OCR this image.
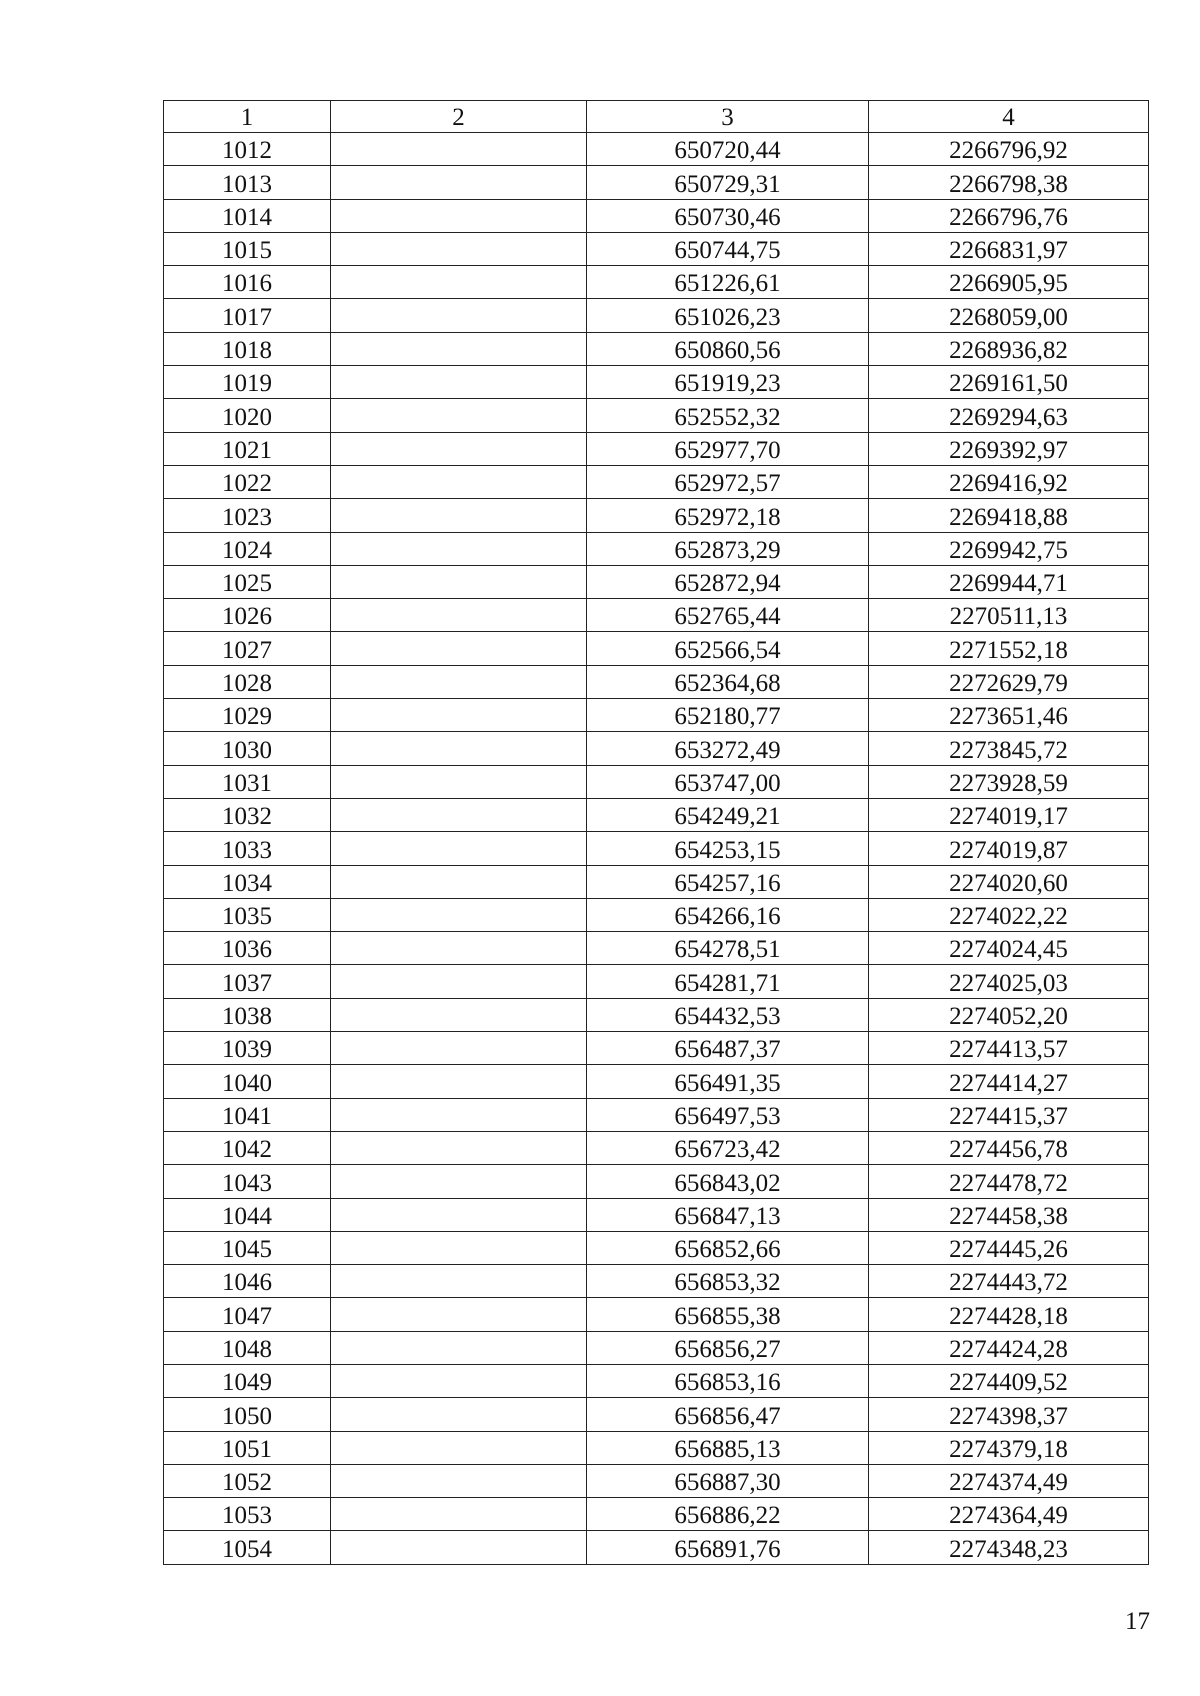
1	2	3	4
1012		650720,44	2266796,92
1013		650729,31	2266798,38
1014		650730,46	2266796,76
1015		650744,75	2266831,97
1016		651226,61	2266905,95
1017		651026,23	2268059,00
1018		650860,56	2268936,82
1019		651919,23	2269161,50
1020		652552,32	2269294,63
1021		652977,70	2269392,97
1022		652972,57	2269416,92
1023		652972,18	2269418,88
1024		652873,29	2269942,75
1025		652872,94	2269944,71
1026		652765,44	2270511,13
1027		652566,54	2271552,18
1028		652364,68	2272629,79
1029		652180,77	2273651,46
1030		653272,49	2273845,72
1031		653747,00	2273928,59
1032		654249,21	2274019,17
1033		654253,15	2274019,87
1034		654257,16	2274020,60
1035		654266,16	2274022,22
1036		654278,51	2274024,45
1037		654281,71	2274025,03
1038		654432,53	2274052,20
1039		656487,37	2274413,57
1040		656491,35	2274414,27
1041		656497,53	2274415,37
1042		656723,42	2274456,78
1043		656843,02	2274478,72
1044		656847,13	2274458,38
1045		656852,66	2274445,26
1046		656853,32	2274443,72
1047		656855,38	2274428,18
1048		656856,27	2274424,28
1049		656853,16	2274409,52
1050		656856,47	2274398,37
1051		656885,13	2274379,18
1052		656887,30	2274374,49
1053		656886,22	2274364,49
1054		656891,76	2274348,23
17
